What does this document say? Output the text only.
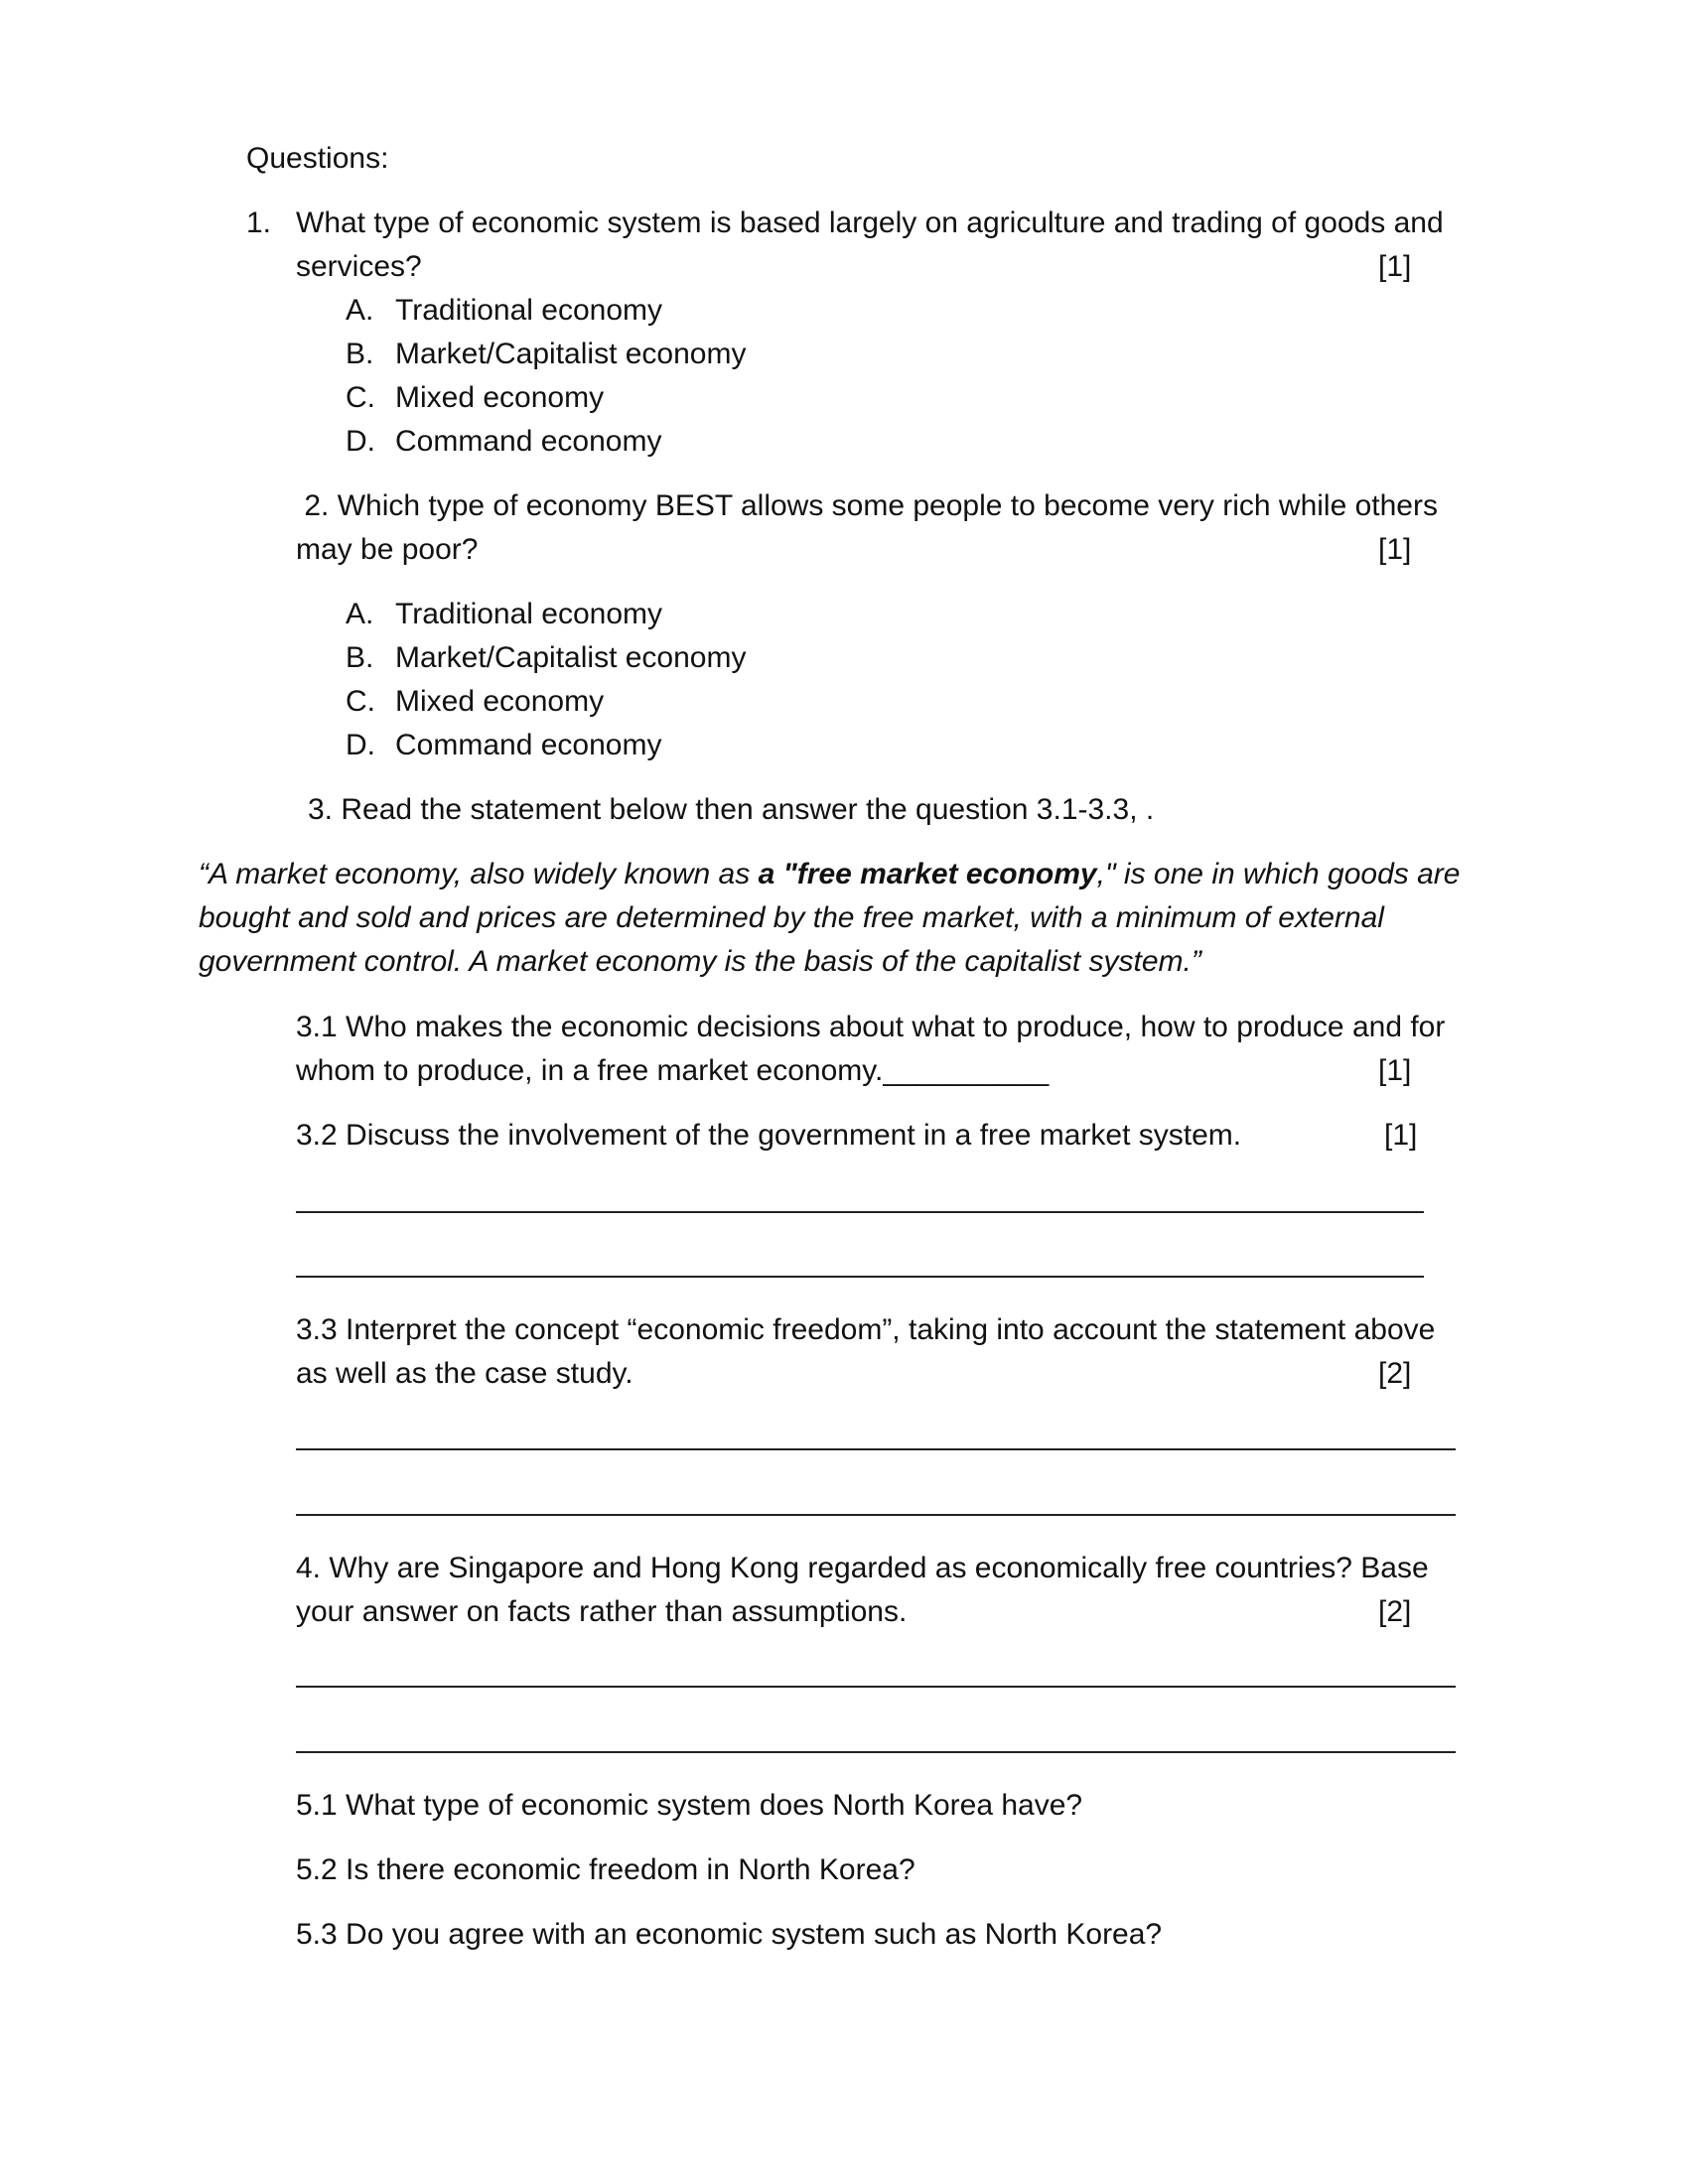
Questions:
1. What type of economic system is based largely on agriculture and trading of goods and
services?	[1]
A. Traditional economy
B. Market/Capitalist economy
C. Mixed economy
D. Command economy
2. Which type of economy BEST allows some people to become very rich while others
may be poor?	[1]
A. Traditional economy
B. Market/Capitalist economy
C. Mixed economy
D. Command economy
3. Read the statement below then answer the question 3.1-3.3, .
“A market economy, also widely known as a "free market economy," is one in which goods are bought and sold and prices are determined by the free market, with a minimum of external government control. A market economy is the basis of the capitalist system.”
3.1 Who makes the economic decisions about what to produce, how to produce and for
whom to produce, in a free market economy.__________	[1]
3.2 Discuss the involvement of the government in a free market system.	[1]
3.3 Interpret the concept “economic freedom”, taking into account the statement above
as well as the case study.	[2]
4. Why are Singapore and Hong Kong regarded as economically free countries? Base
your answer on facts rather than assumptions.	[2]
5.1 What type of economic system does North Korea have?
5.2 Is there economic freedom in North Korea?
5.3 Do you agree with an economic system such as North Korea?
